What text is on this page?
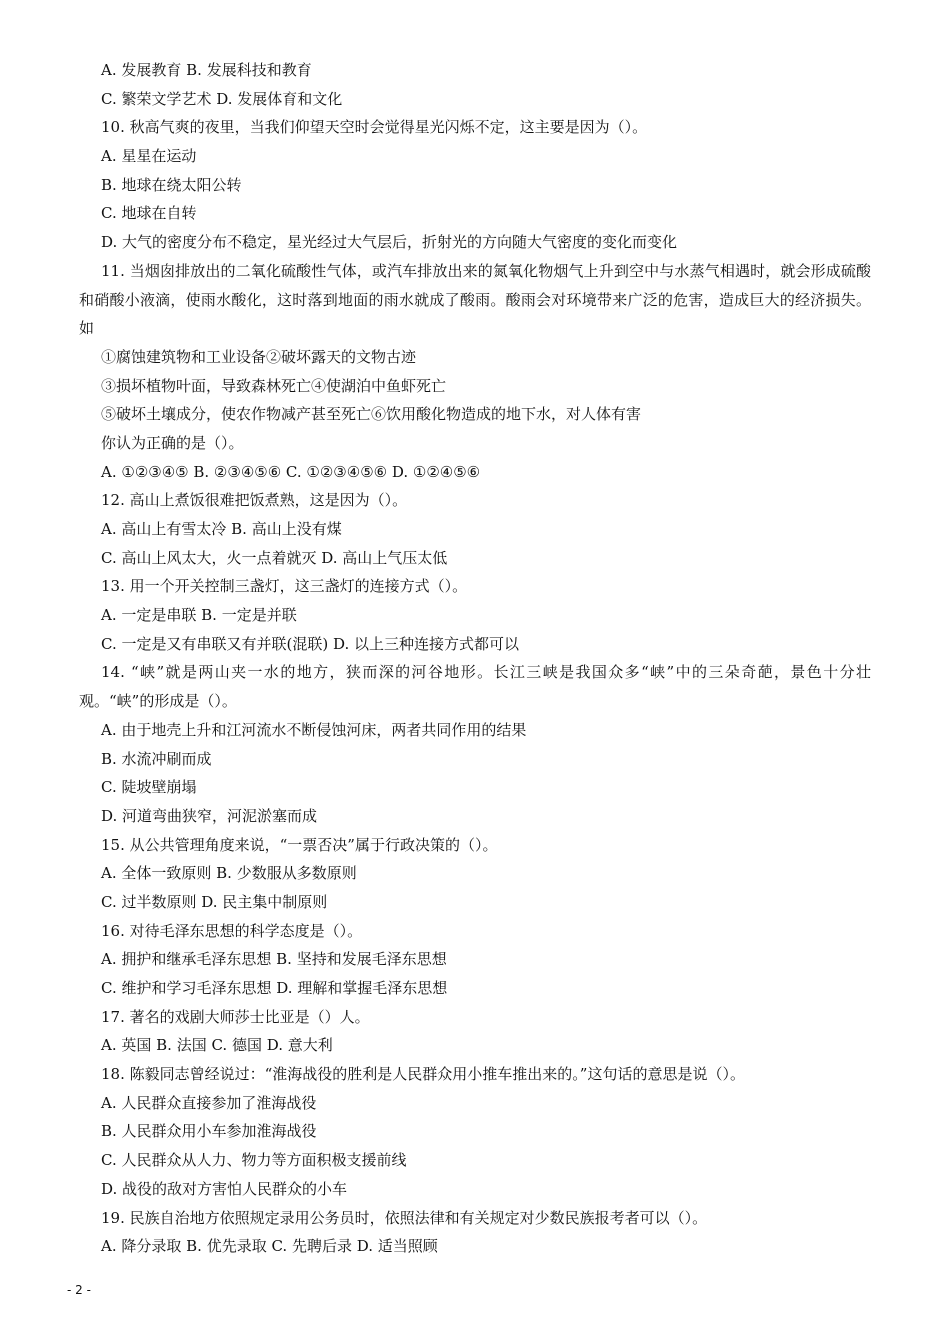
A. 发展教育 B. 发展科技和教育
C. 繁荣文学艺术 D. 发展体育和文化
10. 秋高气爽的夜里，当我们仰望天空时会觉得星光闪烁不定，这主要是因为（）。
A. 星星在运动
B. 地球在绕太阳公转
C. 地球在自转
D. 大气的密度分布不稳定，星光经过大气层后，折射光的方向随大气密度的变化而变化
11. 当烟囱排放出的二氧化硫酸性气体，或汽车排放出来的氮氧化物烟气上升到空中与水蒸气相遇时，就会形成硫酸和硝酸小液滴，使雨水酸化，这时落到地面的雨水就成了酸雨。酸雨会对环境带来广泛的危害，造成巨大的经济损失。如
①腐蚀建筑物和工业设备②破坏露天的文物古迹
③损坏植物叶面，导致森林死亡④使湖泊中鱼虾死亡
⑤破坏土壤成分，使农作物减产甚至死亡⑥饮用酸化物造成的地下水，对人体有害
你认为正确的是（）。
A. ①②③④⑤ B. ②③④⑤⑥ C. ①②③④⑤⑥ D. ①②④⑤⑥
12. 高山上煮饭很难把饭煮熟，这是因为（）。
A. 高山上有雪太冷 B. 高山上没有煤
C. 高山上风太大，火一点着就灭 D. 高山上气压太低
13. 用一个开关控制三盏灯，这三盏灯的连接方式（）。
A. 一定是串联 B. 一定是并联
C. 一定是又有串联又有并联(混联) D. 以上三种连接方式都可以
14. “峡”就是两山夹一水的地方，狭而深的河谷地形。长江三峡是我国众多“峡”中的三朵奇葩，景色十分壮观。“峡”的形成是（）。
A. 由于地壳上升和江河流水不断侵蚀河床，两者共同作用的结果
B. 水流冲刷而成
C. 陡坡壁崩塌
D. 河道弯曲狭窄，河泥淤塞而成
15. 从公共管理角度来说，“一票否决”属于行政决策的（）。
A. 全体一致原则 B. 少数服从多数原则
C. 过半数原则 D. 民主集中制原则
16. 对待毛泽东思想的科学态度是（）。
A. 拥护和继承毛泽东思想 B. 坚持和发展毛泽东思想
C. 维护和学习毛泽东思想 D. 理解和掌握毛泽东思想
17. 著名的戏剧大师莎士比亚是（）人。
A. 英国 B. 法国 C. 德国 D. 意大利
18. 陈毅同志曾经说过：“淮海战役的胜利是人民群众用小推车推出来的。”这句话的意思是说（）。
A. 人民群众直接参加了淮海战役
B. 人民群众用小车参加淮海战役
C. 人民群众从人力、物力等方面积极支援前线
D. 战役的敌对方害怕人民群众的小车
19. 民族自治地方依照规定录用公务员时，依照法律和有关规定对少数民族报考者可以（）。
A. 降分录取 B. 优先录取 C. 先聘后录 D. 适当照顾
- 2 -
